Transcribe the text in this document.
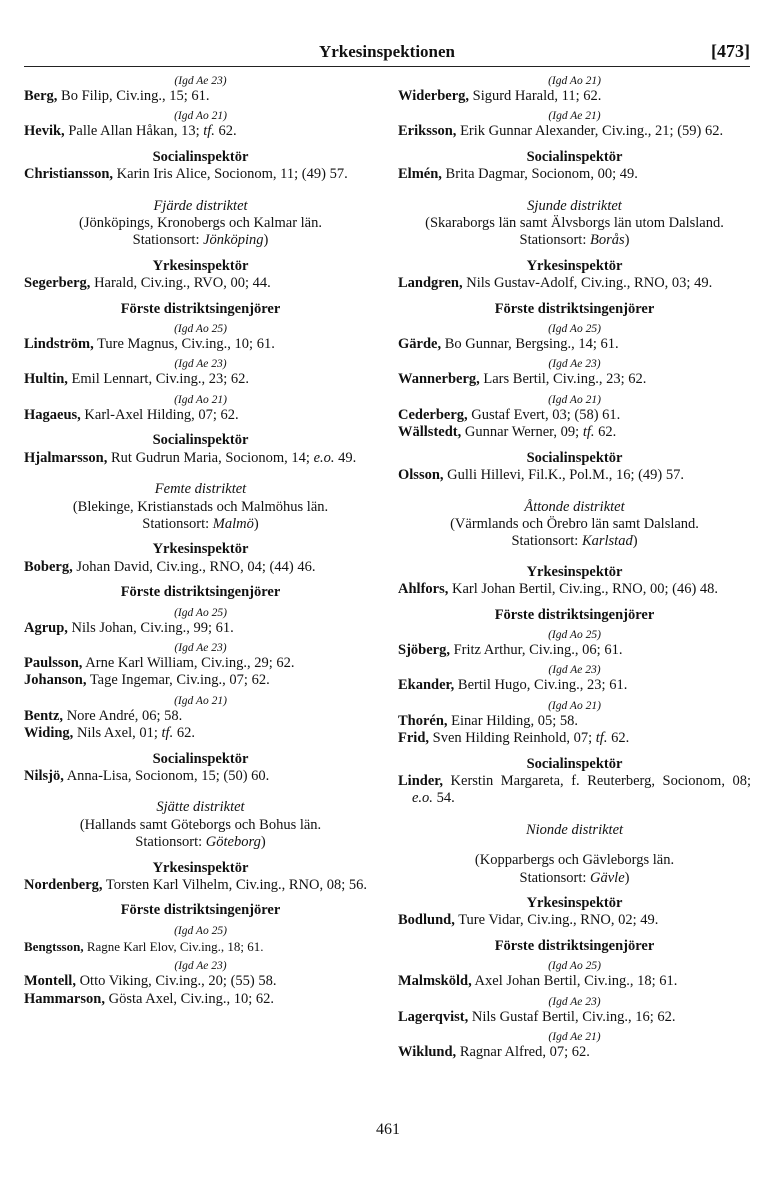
Yrkesinspektionen	[473]
(Igd Ae 23)

Berg, Bo Filip, Civ.ing., 15; 61.

(Igd Ao 21)

Hevik, Palle Allan Håkan, 13; tf. 62.

Socialinspektör

Christiansson, Karin Iris Alice, Socionom, 11; (49) 57.

Fjärde distriktet
(Jönköpings, Kronobergs och Kalmar län.
Stationsort: Jönköping)
Yrkesinspektör

Segerberg, Harald, Civ.ing., RVO, 00; 44.

Förste distriktsingenjörer
(Igd Ao 25)

Lindström, Ture Magnus, Civ.ing., 10; 61.

(Igd Ae 23)

Hultin, Emil Lennart, Civ.ing., 23; 62.

(Igd Ao 21)

Hagaeus, Karl-Axel Hilding, 07; 62.

Socialinspektör

Hjalmarsson, Rut Gudrun Maria, Socionom, 14; e.o. 49.

Femte distriktet
(Blekinge, Kristianstads och Malmöhus län.
Stationsort: Malmö)
Yrkesinspektör

Boberg, Johan David, Civ.ing., RNO, 04; (44) 46.

Förste distriktsingenjörer
(Igd Ao 25)

Agrup, Nils Johan, Civ.ing., 99; 61.

(Igd Ae 23)

Paulsson, Arne Karl William, Civ.ing., 29; 62.

Johanson, Tage Ingemar, Civ.ing., 07; 62.

(Igd Ao 21)

Bentz, Nore André, 06; 58.

Widing, Nils Axel, 01; tf. 62.

Socialinspektör

Nilsjö, Anna-Lisa, Socionom, 15; (50) 60.

Sjätte distriktet
(Hallands samt Göteborgs och Bohus län.
Stationsort: Göteborg)
Yrkesinspektör

Nordenberg, Torsten Karl Vilhelm, Civ.ing., RNO, 08; 56.

Förste distriktsingenjörer
(Igd Ao 25)

Bengtsson, Ragne Karl Elov, Civ.ing., 18; 61.

(Igd Ae 23)

Montell, Otto Viking, Civ.ing., 20; (55) 58.

Hammarson, Gösta Axel, Civ.ing., 10; 62.

(Igd Ao 21)

Widerberg, Sigurd Harald, 11; 62.

(Igd Ae 21)

Eriksson, Erik Gunnar Alexander, Civ.ing., 21; (59) 62.

Socialinspektör

Elmén, Brita Dagmar, Socionom, 00; 49.

Sjunde distriktet
(Skaraborgs län samt Älvsborgs län utom Dalsland. Stationsort: Borås)
Yrkesinspektör

Landgren, Nils Gustav-Adolf, Civ.ing., RNO, 03; 49.

Förste distriktsingenjörer
(Igd Ao 25)

Gärde, Bo Gunnar, Bergsing., 14; 61.

(Igd Ae 23)

Wannerberg, Lars Bertil, Civ.ing., 23; 62.

(Igd Ao 21)

Cederberg, Gustaf Evert, 03; (58) 61.

Wällstedt, Gunnar Werner, 09; tf. 62.

Socialinspektör

Olsson, Gulli Hillevi, Fil.K., Pol.M., 16; (49) 57.

Åttonde distriktet
(Värmlands och Örebro län samt Dalsland.
Stationsort: Karlstad)
Yrkesinspektör

Ahlfors, Karl Johan Bertil, Civ.ing., RNO, 00; (46) 48.

Förste distriktsingenjörer
(Igd Ao 25)

Sjöberg, Fritz Arthur, Civ.ing., 06; 61.

(Igd Ae 23)

Ekander, Bertil Hugo, Civ.ing., 23; 61.

(Igd Ao 21)

Thorén, Einar Hilding, 05; 58.

Frid, Sven Hilding Reinhold, 07; tf. 62.

Socialinspektör

Linder, Kerstin Margareta, f. Reuterberg, Socionom, 08; e.o. 54.

Nionde distriktet
(Kopparbergs och Gävleborgs län.
Stationsort: Gävle)
Yrkesinspektör

Bodlund, Ture Vidar, Civ.ing., RNO, 02; 49.

Förste distriktsingenjörer
(Igd Ao 25)

Malmsköld, Axel Johan Bertil, Civ.ing., 18; 61.

(Igd Ae 23)

Lagerqvist, Nils Gustaf Bertil, Civ.ing., 16; 62.

(Igd Ae 21)

Wiklund, Ragnar Alfred, 07; 62.

461
